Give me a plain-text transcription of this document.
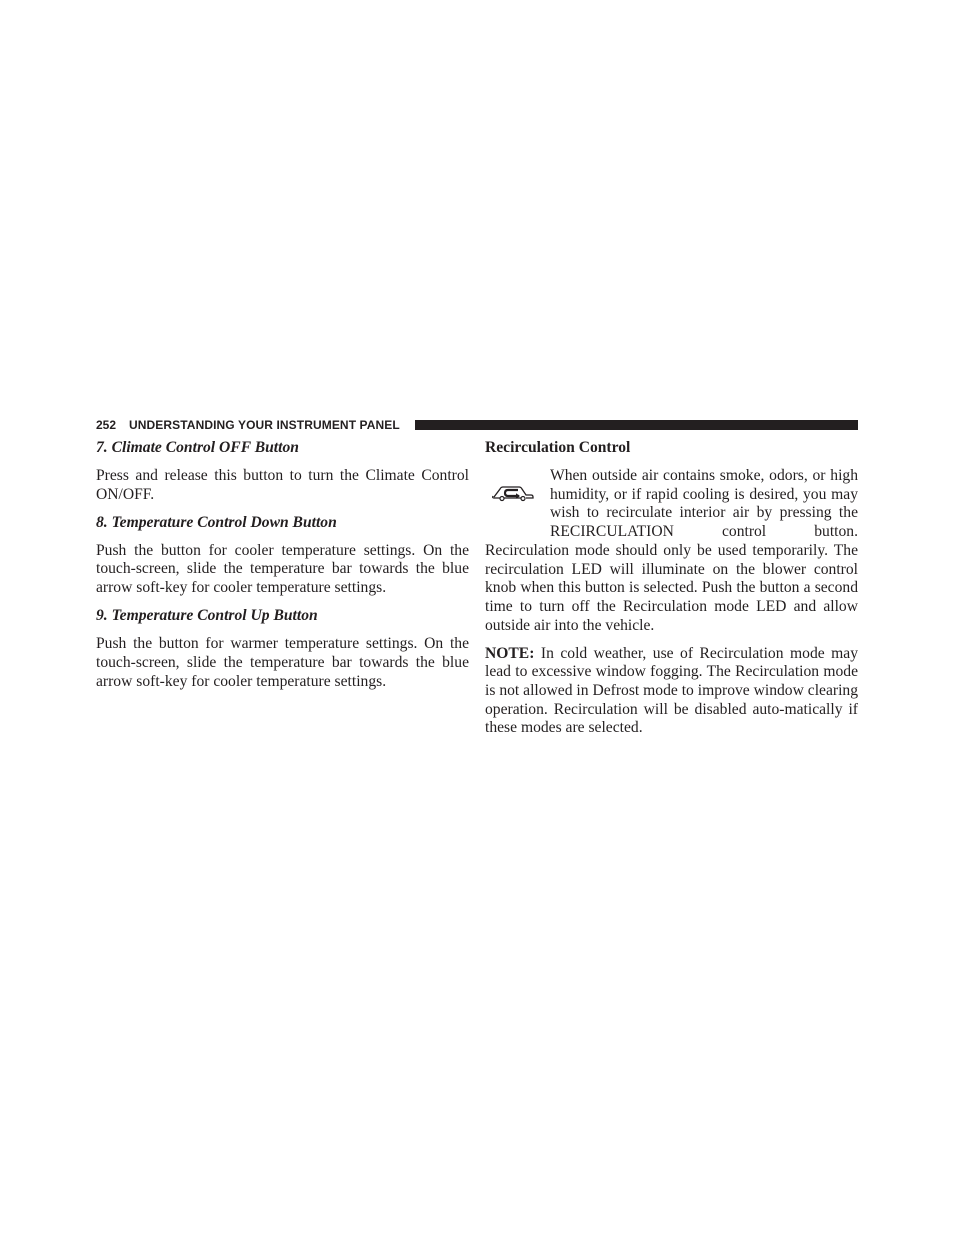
252 UNDERSTANDING YOUR INSTRUMENT PANEL
7. Climate Control OFF Button

Press and release this button to turn the Climate Control ON/OFF.

8. Temperature Control Down Button

Push the button for cooler temperature settings. On the touch-screen, slide the temperature bar towards the blue arrow soft-key for cooler temperature settings.

9. Temperature Control Up Button

Push the button for warmer temperature settings. On the touch-screen, slide the temperature bar towards the blue arrow soft-key for cooler temperature settings.

Recirculation Control

When outside air contains smoke, odors, or high humidity, or if rapid cooling is desired, you may wish to recirculate interior air by pressing the RECIRCULATION control button.

Recirculation mode should only be used temporarily. The recirculation LED will illuminate on the blower control knob when this button is selected. Push the button a second time to turn off the Recirculation mode LED and allow outside air into the vehicle.

NOTE: In cold weather, use of Recirculation mode may lead to excessive window fogging. The Recirculation mode is not allowed in Defrost mode to improve window clearing operation. Recirculation will be disabled auto-matically if these modes are selected.
